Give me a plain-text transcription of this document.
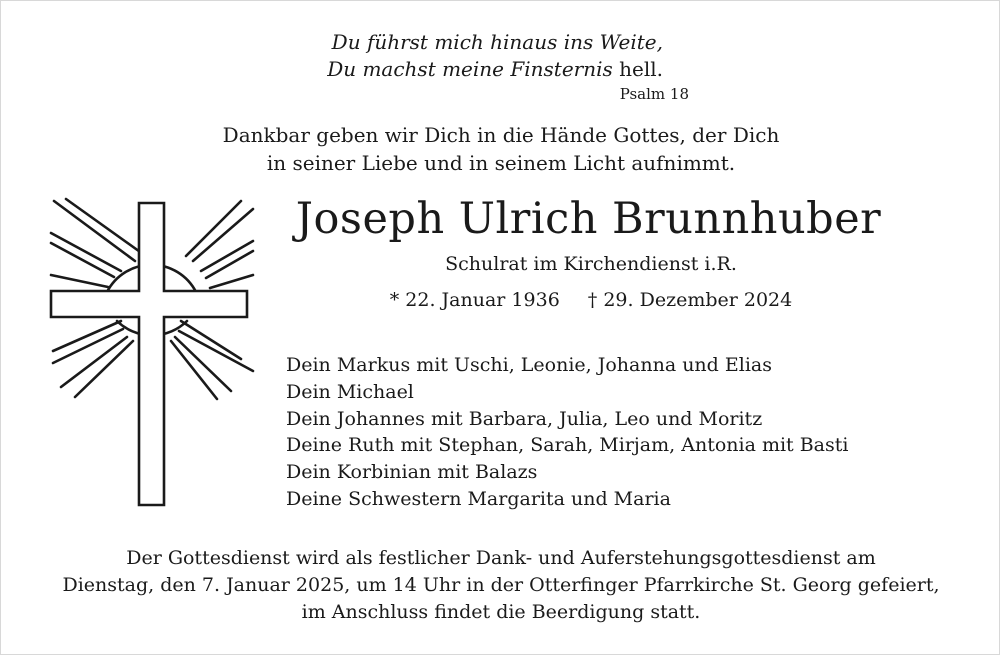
Du führst mich hinaus ins Weite,
Du machst meine Finsternis hell.
Psalm 18
Dankbar geben wir Dich in die Hände Gottes, der Dich
in seiner Liebe und in seinem Licht aufnimmt.
Joseph Ulrich Brunnhuber
Schulrat im Kirchendienst i.R.
* 22. Januar 1936 † 29. Dezember 2024
Dein Markus mit Uschi, Leonie, Johanna und Elias
Dein Michael
Dein Johannes mit Barbara, Julia, Leo und Moritz
Deine Ruth mit Stephan, Sarah, Mirjam, Antonia mit Basti
Dein Korbinian mit Balazs
Deine Schwestern Margarita und Maria
Der Gottesdienst wird als festlicher Dank- und Auferstehungsgottesdienst am
Dienstag, den 7. Januar 2025, um 14 Uhr in der Otterfinger Pfarrkirche St. Georg gefeiert,
im Anschluss findet die Beerdigung statt.
